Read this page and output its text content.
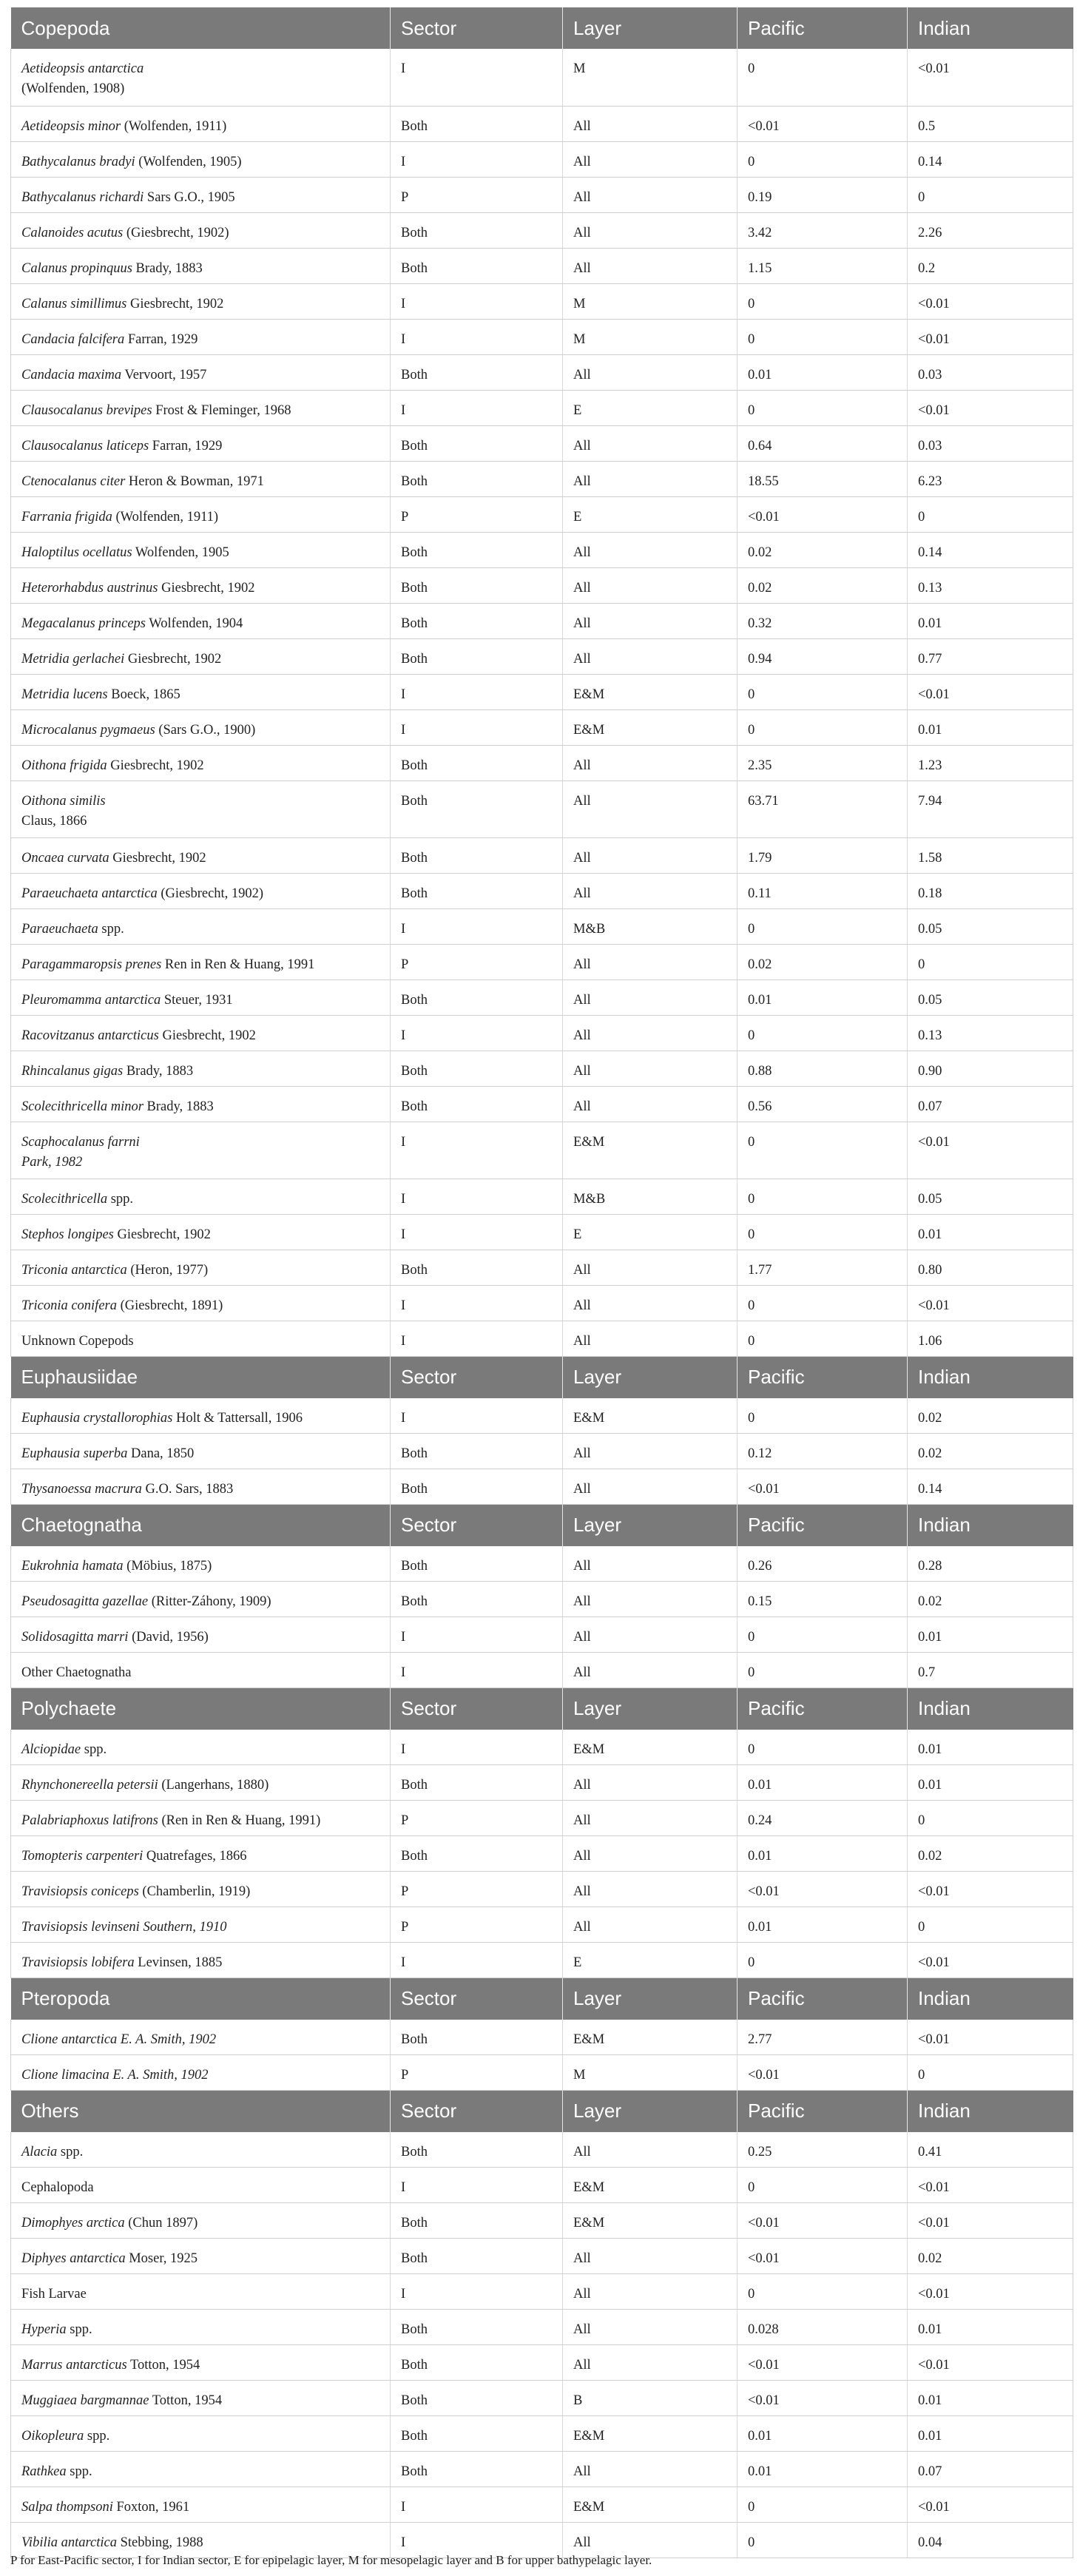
Copepoda	Sector	Layer	Pacific	Indian
Aetideopsis antarctica
(Wolfenden, 1908)	I	M	0	<0.01
Aetideopsis minor (Wolfenden, 1911)	Both	All	<0.01	0.5
Bathycalanus bradyi (Wolfenden, 1905)	I	All	0	0.14
Bathycalanus richardi Sars G.O., 1905	P	All	0.19	0
Calanoides acutus (Giesbrecht, 1902)	Both	All	3.42	2.26
Calanus propinquus Brady, 1883	Both	All	1.15	0.2
Calanus simillimus Giesbrecht, 1902	I	M	0	<0.01
Candacia falcifera Farran, 1929	I	M	0	<0.01
Candacia maxima Vervoort, 1957	Both	All	0.01	0.03
Clausocalanus brevipes Frost & Fleminger, 1968	I	E	0	<0.01
Clausocalanus laticeps Farran, 1929	Both	All	0.64	0.03
Ctenocalanus citer Heron & Bowman, 1971	Both	All	18.55	6.23
Farrania frigida (Wolfenden, 1911)	P	E	<0.01	0
Haloptilus ocellatus Wolfenden, 1905	Both	All	0.02	0.14
Heterorhabdus austrinus Giesbrecht, 1902	Both	All	0.02	0.13
Megacalanus princeps Wolfenden, 1904	Both	All	0.32	0.01
Metridia gerlachei Giesbrecht, 1902	Both	All	0.94	0.77
Metridia lucens Boeck, 1865	I	E&M	0	<0.01
Microcalanus pygmaeus (Sars G.O., 1900)	I	E&M	0	0.01
Oithona frigida Giesbrecht, 1902	Both	All	2.35	1.23
Oithona similis
Claus, 1866	Both	All	63.71	7.94
Oncaea curvata Giesbrecht, 1902	Both	All	1.79	1.58
Paraeuchaeta antarctica (Giesbrecht, 1902)	Both	All	0.11	0.18
Paraeuchaeta spp.	I	M&B	0	0.05
Paragammaropsis prenes Ren in Ren & Huang, 1991	P	All	0.02	0
Pleuromamma antarctica Steuer, 1931	Both	All	0.01	0.05
Racovitzanus antarcticus Giesbrecht, 1902	I	All	0	0.13
Rhincalanus gigas Brady, 1883	Both	All	0.88	0.90
Scolecithricella minor Brady, 1883	Both	All	0.56	0.07
Scaphocalanus farrni
Park, 1982	I	E&M	0	<0.01
Scolecithricella spp.	I	M&B	0	0.05
Stephos longipes Giesbrecht, 1902	I	E	0	0.01
Triconia antarctica (Heron, 1977)	Both	All	1.77	0.80
Triconia conifera (Giesbrecht, 1891)	I	All	0	<0.01
Unknown Copepods	I	All	0	1.06
Euphausiidae	Sector	Layer	Pacific	Indian
Euphausia crystallorophias Holt & Tattersall, 1906	I	E&M	0	0.02
Euphausia superba Dana, 1850	Both	All	0.12	0.02
Thysanoessa macrura G.O. Sars, 1883	Both	All	<0.01	0.14
Chaetognatha	Sector	Layer	Pacific	Indian
Eukrohnia hamata (Möbius, 1875)	Both	All	0.26	0.28
Pseudosagitta gazellae (Ritter-Záhony, 1909)	Both	All	0.15	0.02
Solidosagitta marri (David, 1956)	I	All	0	0.01
Other Chaetognatha	I	All	0	0.7
Polychaete	Sector	Layer	Pacific	Indian
Alciopidae spp.	I	E&M	0	0.01
Rhynchonereella petersii (Langerhans, 1880)	Both	All	0.01	0.01
Palabriaphoxus latifrons (Ren in Ren & Huang, 1991)	P	All	0.24	0
Tomopteris carpenteri Quatrefages, 1866	Both	All	0.01	0.02
Travisiopsis coniceps (Chamberlin, 1919)	P	All	<0.01	<0.01
Travisiopsis levinseni Southern, 1910	P	All	0.01	0
Travisiopsis lobifera Levinsen, 1885	I	E	0	<0.01
Pteropoda	Sector	Layer	Pacific	Indian
Clione antarctica E. A. Smith, 1902	Both	E&M	2.77	<0.01
Clione limacina E. A. Smith, 1902	P	M	<0.01	0
Others	Sector	Layer	Pacific	Indian
Alacia spp.	Both	All	0.25	0.41
Cephalopoda	I	E&M	0	<0.01
Dimophyes arctica (Chun 1897)	Both	E&M	<0.01	<0.01
Diphyes antarctica Moser, 1925	Both	All	<0.01	0.02
Fish Larvae	I	All	0	<0.01
Hyperia spp.	Both	All	0.028	0.01
Marrus antarcticus Totton, 1954	Both	All	<0.01	<0.01
Muggiaea bargmannae Totton, 1954	Both	B	<0.01	0.01
Oikopleura spp.	Both	E&M	0.01	0.01
Rathkea spp.	Both	All	0.01	0.07
Salpa thompsoni Foxton, 1961	I	E&M	0	<0.01
Vibilia antarctica Stebbing, 1988	I	All	0	0.04
P for East-Pacific sector, I for Indian sector, E for epipelagic layer, M for mesopelagic layer and B for upper bathypelagic layer.
